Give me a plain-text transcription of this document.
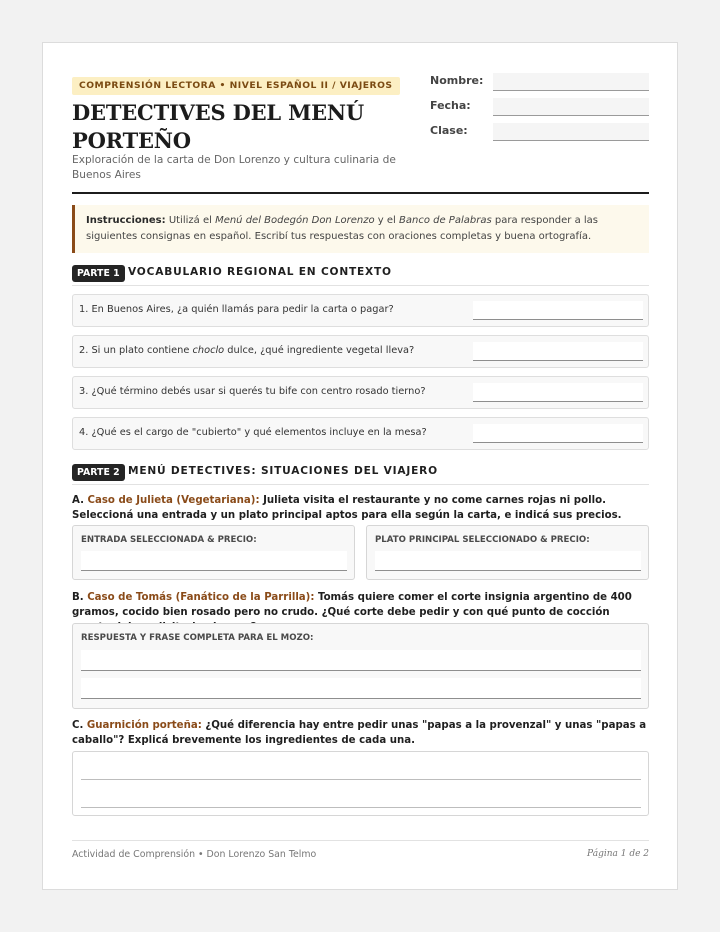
COMPRENSIÓN LECTORA • NIVEL ESPAÑOL II / VIAJEROS
DETECTIVES DEL MENÚ
PORTEÑO
Exploración de la carta de Don Lorenzo y cultura culinaria de Buenos Aires
Nombre:
Fecha:
Clase:
Instrucciones: Utilizá el Menú del Bodegón Don Lorenzo y el Banco de Palabras para responder a las siguientes consignas en español. Escribí tus respuestas con oraciones completas y buena ortografía.
PARTE 1 VOCABULARIO REGIONAL EN CONTEXTO
1. En Buenos Aires, ¿a quién llamás para pedir la carta o pagar?
2. Si un plato contiene choclo dulce, ¿qué ingrediente vegetal lleva?
3. ¿Qué término debés usar si querés tu bife con centro rosado tierno?
4. ¿Qué es el cargo de "cubierto" y qué elementos incluye en la mesa?
PARTE 2 MENÚ DETECTIVES: SITUACIONES DEL VIAJERO
A. Caso de Julieta (Vegetariana): Julieta visita el restaurante y no come carnes rojas ni pollo. Seleccioná una entrada y un plato principal aptos para ella según la carta, e indicá sus precios.
ENTRADA SELECCIONADA & PRECIO:	PLATO PRINCIPAL SELECCIONADO & PRECIO:
B. Caso de Tomás (Fanático de la Parrilla): Tomás quiere comer el corte insignia argentino de 400 gramos, cocido bien rosado pero no crudo. ¿Qué corte debe pedir y con qué punto de cocción
RESPUESTA Y FRASE COMPLETA PARA EL MOZO:
C. Guarnición porteña: ¿Qué diferencia hay entre pedir unas "papas a la provenzal" y unas "papas a caballo"? Explicá brevemente los ingredientes de cada una.
Actividad de Comprensión • Don Lorenzo San Telmo	Página 1 de 2
